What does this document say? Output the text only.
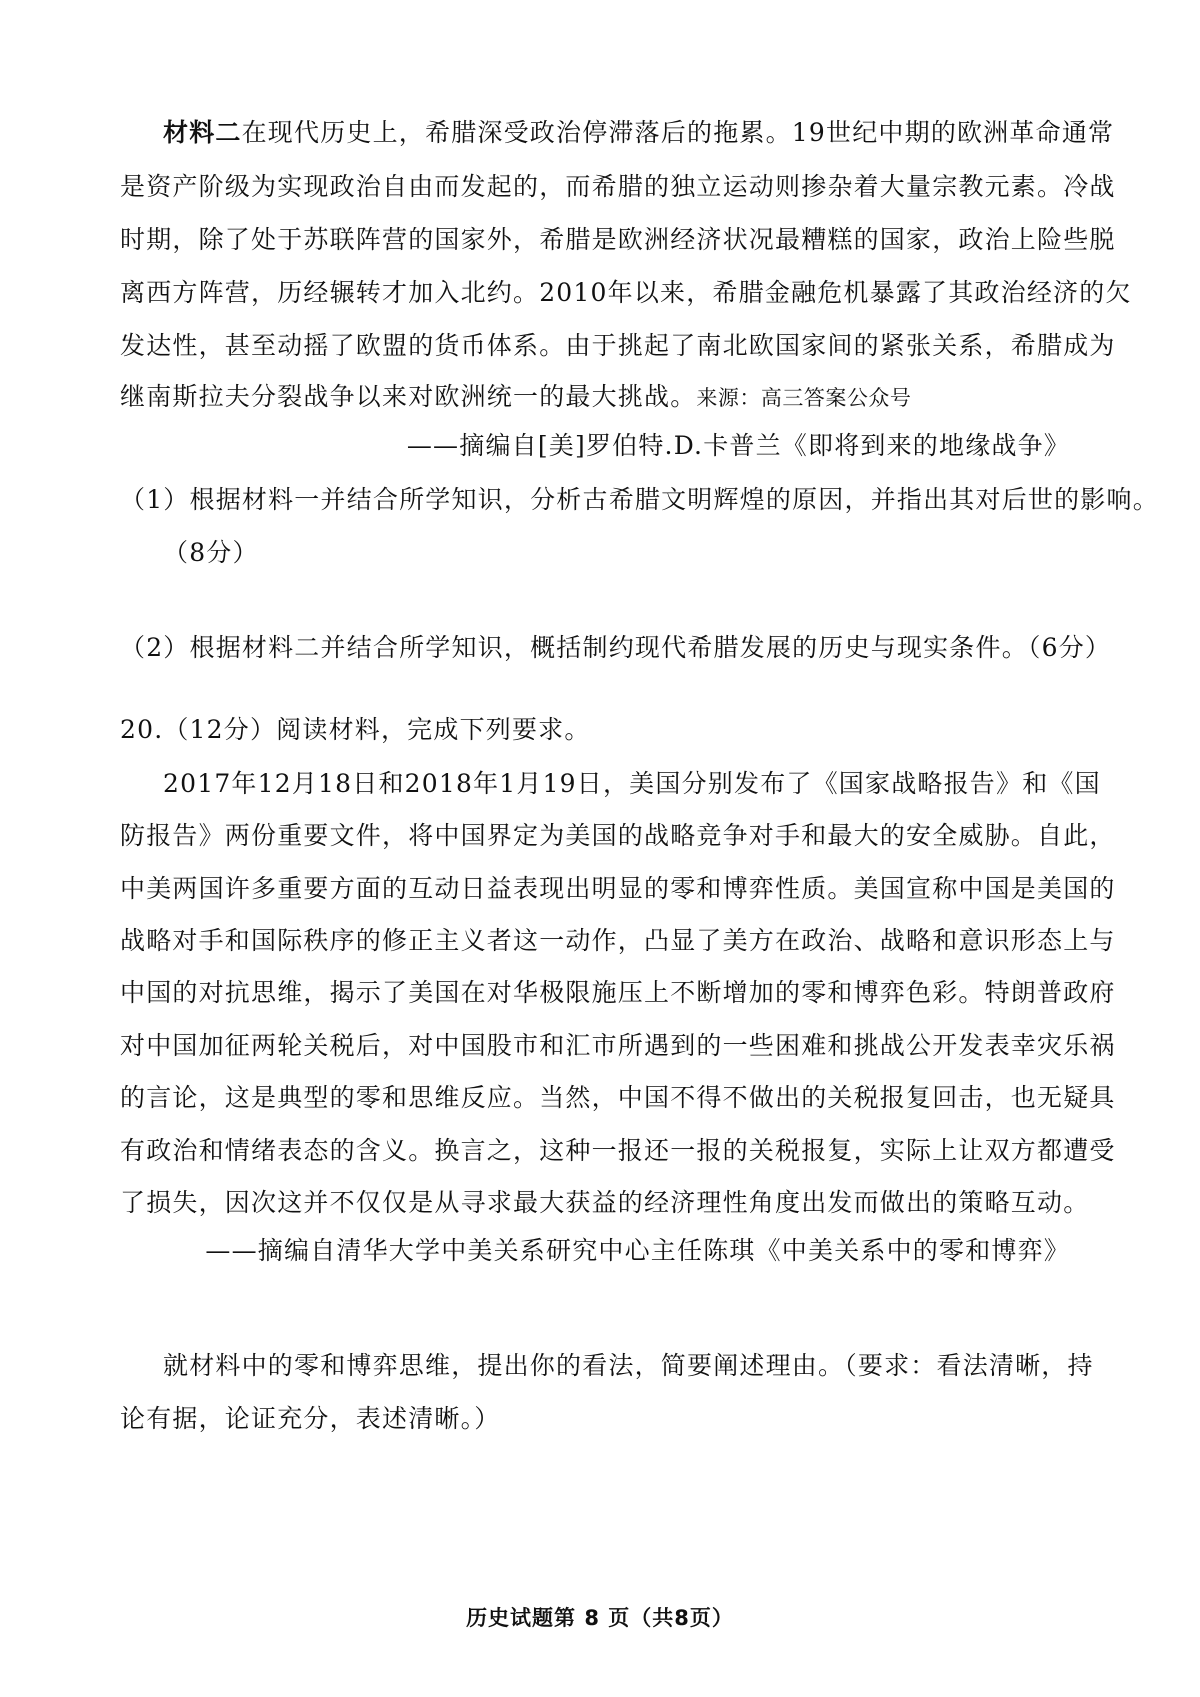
材料二在现代历史上，希腊深受政治停滞落后的拖累。19世纪中期的欧洲革命通常
是资产阶级为实现政治自由而发起的，而希腊的独立运动则掺杂着大量宗教元素。冷战
时期，除了处于苏联阵营的国家外，希腊是欧洲经济状况最糟糕的国家，政治上险些脱
离西方阵营，历经辗转才加入北约。2010年以来，希腊金融危机暴露了其政治经济的欠
发达性，甚至动摇了欧盟的货币体系。由于挑起了南北欧国家间的紧张关系，希腊成为
继南斯拉夫分裂战争以来对欧洲统一的最大挑战。来源：高三答案公众号
——摘编自[美]罗伯特.D.卡普兰《即将到来的地缘战争》
（1）根据材料一并结合所学知识，分析古希腊文明辉煌的原因，并指出其对后世的影响。
（8分）
（2）根据材料二并结合所学知识，概括制约现代希腊发展的历史与现实条件。（6分）
20.（12分）阅读材料，完成下列要求。
2017年12月18日和2018年1月19日，美国分别发布了《国家战略报告》和《国
防报告》两份重要文件，将中国界定为美国的战略竞争对手和最大的安全威胁。自此，
中美两国许多重要方面的互动日益表现出明显的零和博弈性质。美国宣称中国是美国的
战略对手和国际秩序的修正主义者这一动作，凸显了美方在政治、战略和意识形态上与
中国的对抗思维，揭示了美国在对华极限施压上不断增加的零和博弈色彩。特朗普政府
对中国加征两轮关税后，对中国股市和汇市所遇到的一些困难和挑战公开发表幸灾乐祸
的言论，这是典型的零和思维反应。当然，中国不得不做出的关税报复回击，也无疑具
有政治和情绪表态的含义。换言之，这种一报还一报的关税报复，实际上让双方都遭受
了损失，因次这并不仅仅是从寻求最大获益的经济理性角度出发而做出的策略互动。
——摘编自清华大学中美关系研究中心主任陈琪《中美关系中的零和博弈》
就材料中的零和博弈思维，提出你的看法，简要阐述理由。（要求：看法清晰，持
论有据，论证充分，表述清晰。）
历史试题第 8 页（共8页）
